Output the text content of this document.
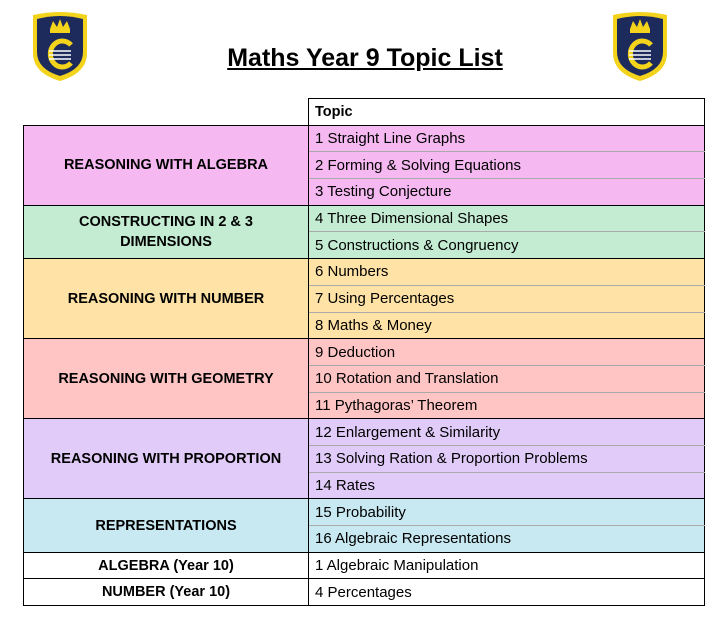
Maths Year 9 Topic List
	Topic
REASONING WITH ALGEBRA	1 Straight Line Graphs
	2 Forming & Solving Equations
	3 Testing Conjecture
CONSTRUCTING IN 2 & 3 DIMENSIONS	4 Three Dimensional Shapes
	5 Constructions & Congruency
REASONING WITH NUMBER	6 Numbers
	7 Using Percentages
	8 Maths & Money
REASONING WITH GEOMETRY	9 Deduction
	10 Rotation and Translation
	11 Pythagoras’ Theorem
REASONING WITH PROPORTION	12 Enlargement & Similarity
	13 Solving Ration & Proportion Problems
	14 Rates
REPRESENTATIONS	15 Probability
	16 Algebraic Representations
ALGEBRA (Year 10)	1 Algebraic Manipulation
NUMBER (Year 10)	4 Percentages
